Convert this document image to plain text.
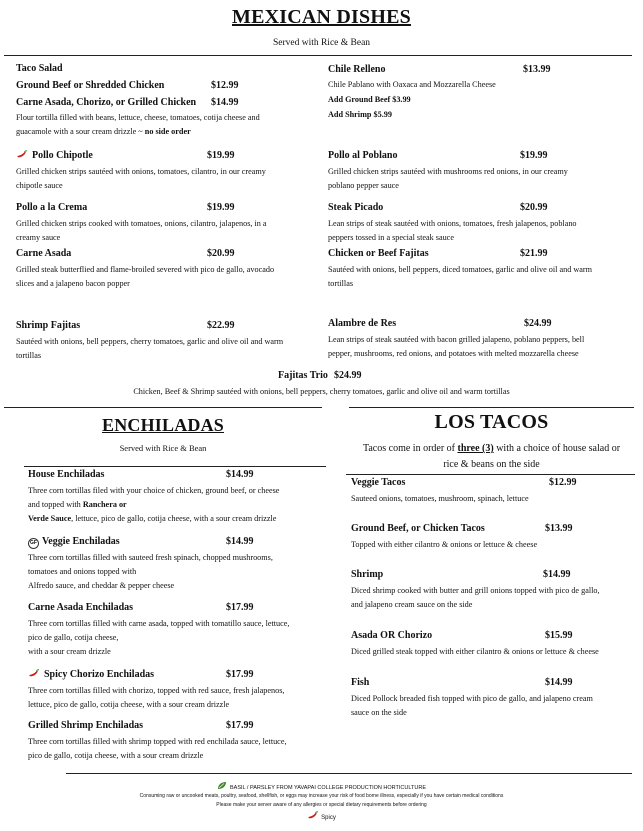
MEXICAN DISHES
Served with Rice & Bean
Taco Salad
Ground Beef or Shredded Chicken	$12.99
Carne Asada, Chorizo, or Grilled Chicken $14.99
Flour tortilla filled with beans, lettuce, cheese, tomatoes, cotija cheese and
guacamole with a sour cream drizzle ~ no side order
Chile Relleno	$13.99
Chile Pablano with Oaxaca and Mozzarella Cheese
Add Ground Beef $3.99
Add Shrimp $5.99
Pollo Chipotle	$19.99
Grilled chicken strips sautéed with onions, tomatoes, cilantro, in our creamy
chipotle sauce
Pollo al Poblano	$19.99
Grilled chicken strips sautéed with mushrooms red onions, in our creamy
poblano pepper sauce
Pollo a la Crema	$19.99
Grilled chicken strips cooked with tomatoes, onions, cilantro, jalapenos, in a
creamy sauce
Steak Picado	$20.99
Lean strips of steak sautéed with onions, tomatoes, fresh jalapenos, poblano
peppers tossed in a special steak sauce
Carne Asada	$20.99
Grilled steak butterflied and flame-broiled severed with pico de gallo, avocado
slices and a jalapeno bacon popper
Chicken or Beef Fajitas	$21.99
Sautéed with onions, bell peppers, diced tomatoes, garlic and olive oil and warm
tortillas
Shrimp Fajitas	$22.99
Sautéed with onions, bell peppers, cherry tomatoes, garlic and olive oil and warm
tortillas
Alambre de Res	$24.99
Lean strips of steak sautéed with bacon grilled jalapeno, poblano peppers, bell
pepper, mushrooms, red onions, and potatoes with melted mozzarella cheese
Fajitas Trio $24.99
Chicken, Beef & Shrimp sautéed with onions, bell peppers, cherry tomatoes, garlic and olive oil and warm tortillas
ENCHILADAS
Served with Rice & Bean
House Enchiladas	$14.99
Three corn tortillas filed with your choice of chicken, ground beef, or cheese
and topped with Ranchera or
Verde Sauce, lettuce, pico de gallo, cotija cheese, with a sour cream drizzle
GF Veggie Enchiladas	$14.99
Three corn tortillas filled with sauteed fresh spinach, chopped mushrooms,
tomatoes and onions topped with
Alfredo sauce, and cheddar & pepper cheese
Carne Asada Enchiladas	$17.99
Three corn tortillas filled with carne asada, topped with tomatillo sauce, lettuce,
pico de gallo, cotija cheese,
with a sour cream drizzle
Spicy Chorizo Enchiladas	$17.99
Three corn tortillas filled with chorizo, topped with red sauce, fresh jalapenos,
lettuce, pico de gallo, cotija cheese, with a sour cream drizzle
Grilled Shrimp Enchiladas	$17.99
Three corn tortillas filled with shrimp topped with red enchilada sauce, lettuce,
pico de gallo, cotija cheese, with a sour cream drizzle
LOS TACOS
Tacos come in order of three (3) with a choice of house salad or
rice & beans on the side
Veggie Tacos	$12.99
Sauteed onions, tomatoes, mushroom, spinach, lettuce
Ground Beef, or Chicken Tacos	$13.99
Topped with either cilantro & onions or lettuce & cheese
Shrimp	$14.99
Diced shrimp cooked with butter and grill onions topped with pico de gallo,
and jalapeno cream sauce on the side
Asada OR Chorizo	$15.99
Diced grilled steak topped with either cilantro & onions or lettuce & cheese
Fish	$14.99
Diced Pollock breaded fish topped with pico de gallo, and jalapeno cream
sauce on the side
BASIL / PARSLEY FROM YAVAPAI COLLEGE PRODUCTION HORTICULTURE
Consuming raw or uncooked meats, poultry, seafood, shellfish, or eggs may increase your risk of food borne illness, especially if you have certain medical conditions
Please make your server aware of any allergies or special dietary requirements before ordering
Spicy
